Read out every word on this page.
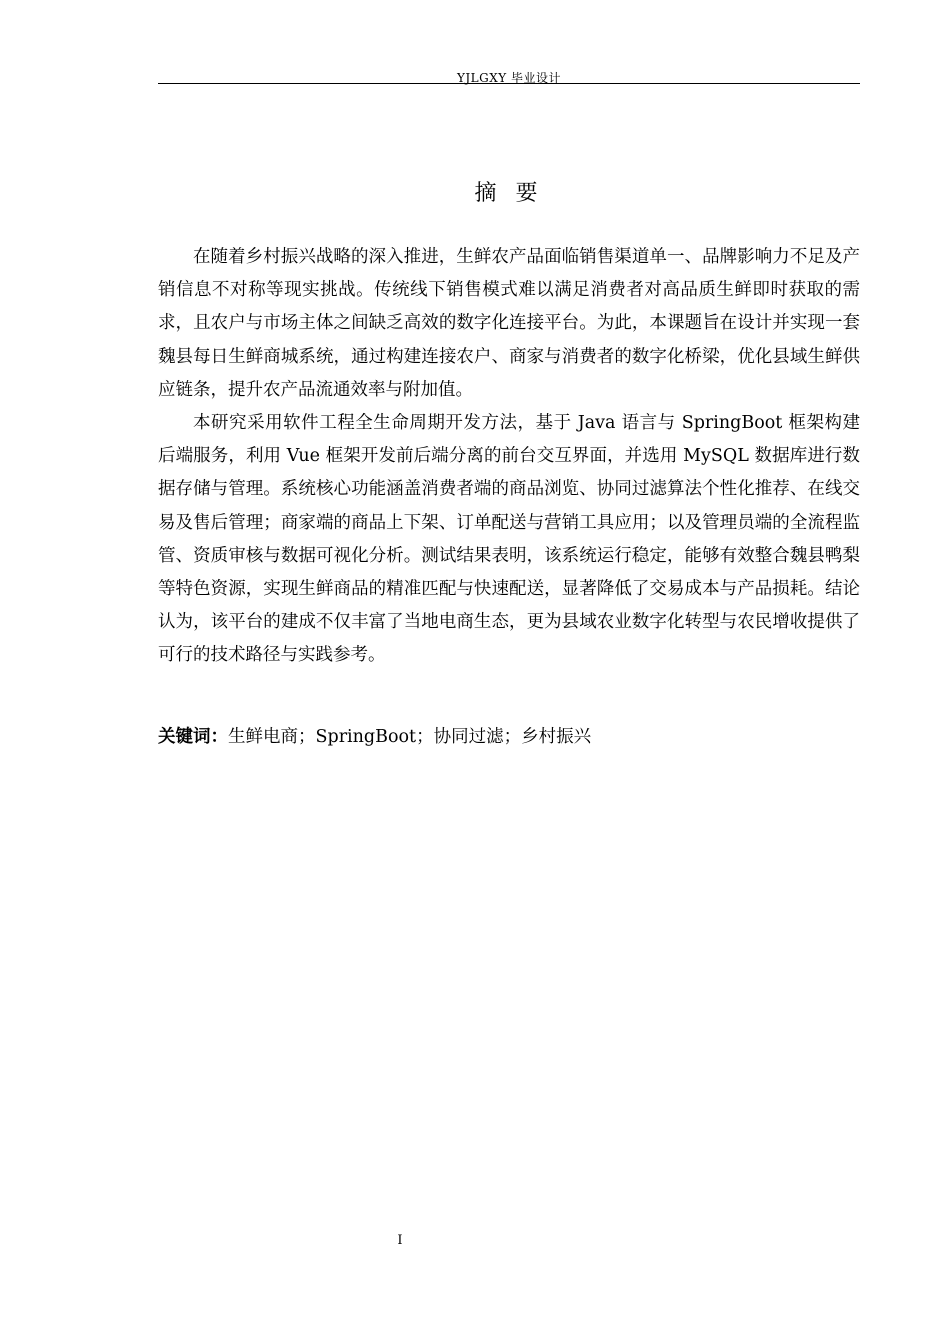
YJLGXY 毕业设计
摘 要

在随着乡村振兴战略的深入推进，生鲜农产品面临销售渠道单一、品牌影响力不足及产销信息不对称等现实挑战。传统线下销售模式难以满足消费者对高品质生鲜即时获取的需求，且农户与市场主体之间缺乏高效的数字化连接平台。为此，本课题旨在设计并实现一套魏县每日生鲜商城系统，通过构建连接农户、商家与消费者的数字化桥梁，优化县域生鲜供应链条，提升农产品流通效率与附加值。

本研究采用软件工程全生命周期开发方法，基于 Java 语言与 SpringBoot 框架构建后端服务，利用 Vue 框架开发前后端分离的前台交互界面，并选用 MySQL 数据库进行数据存储与管理。系统核心功能涵盖消费者端的商品浏览、协同过滤算法个性化推荐、在线交易及售后管理；商家端的商品上下架、订单配送与营销工具应用；以及管理员端的全流程监管、资质审核与数据可视化分析。测试结果表明，该系统运行稳定，能够有效整合魏县鸭梨等特色资源，实现生鲜商品的精准匹配与快速配送，显著降低了交易成本与产品损耗。结论认为，该平台的建成不仅丰富了当地电商生态，更为县域农业数字化转型与农民增收提供了可行的技术路径与实践参考。

关键词：生鲜电商；SpringBoot；协同过滤；乡村振兴
I
